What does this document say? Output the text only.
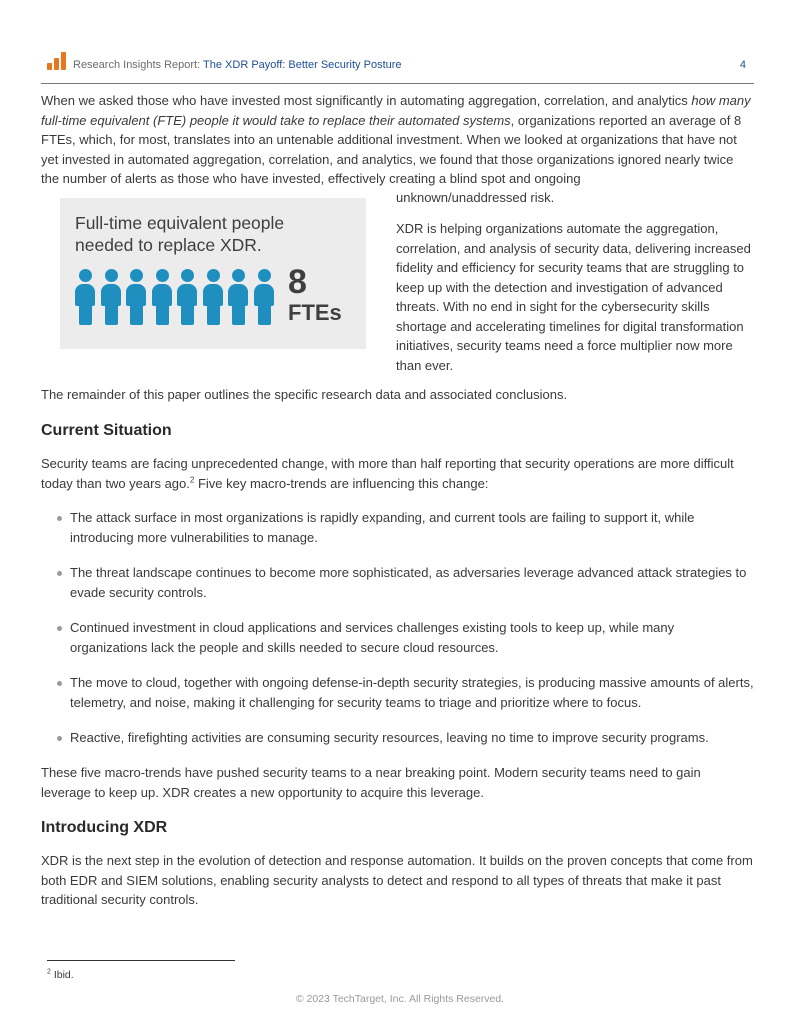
Research Insights Report: The XDR Payoff: Better Security Posture	4

When we asked those who have invested most significantly in automating aggregation, correlation, and analytics how many full-time equivalent (FTE) people it would take to replace their automated systems, organizations reported an average of 8 FTEs, which, for most, translates into an untenable additional investment. When we looked at organizations that have not yet invested in automated aggregation, correlation, and analytics, we found that those organizations ignored nearly twice the number of alerts as those who have invested, effectively creating a blind spot and ongoing

unknown/unaddressed risk.
Full-time equivalent people
needed to replace XDR.
8
FTEs

XDR is helping organizations automate the aggregation, correlation, and analysis of security data, delivering increased fidelity and efficiency for security teams that are struggling to keep up with the detection and investigation of advanced threats. With no end in sight for the cybersecurity skills shortage and accelerating timelines for digital transformation initiatives, security teams need a force multiplier now more than ever.

The remainder of this paper outlines the specific research data and associated conclusions.

Current Situation

Security teams are facing unprecedented change, with more than half reporting that security operations are more difficult today than two years ago.$^2$ Five key macro-trends are influencing this change:

The attack surface in most organizations is rapidly expanding, and current tools are failing to support it, while introducing more vulnerabilities to manage.
The threat landscape continues to become more sophisticated, as adversaries leverage advanced attack strategies to evade security controls.
Continued investment in cloud applications and services challenges existing tools to keep up, while many organizations lack the people and skills needed to secure cloud resources.
The move to cloud, together with ongoing defense-in-depth security strategies, is producing massive amounts of alerts, telemetry, and noise, making it challenging for security teams to triage and prioritize where to focus.
Reactive, firefighting activities are consuming security resources, leaving no time to improve security programs.

These five macro-trends have pushed security teams to a near breaking point. Modern security teams need to gain leverage to keep up. XDR creates a new opportunity to acquire this leverage.

Introducing XDR

XDR is the next step in the evolution of detection and response automation. It builds on the proven concepts that come from both EDR and SIEM solutions, enabling security analysts to detect and respond to all types of threats that make it past traditional security controls.

$^2$ Ibid.
© 2023 TechTarget, Inc. All Rights Reserved.
